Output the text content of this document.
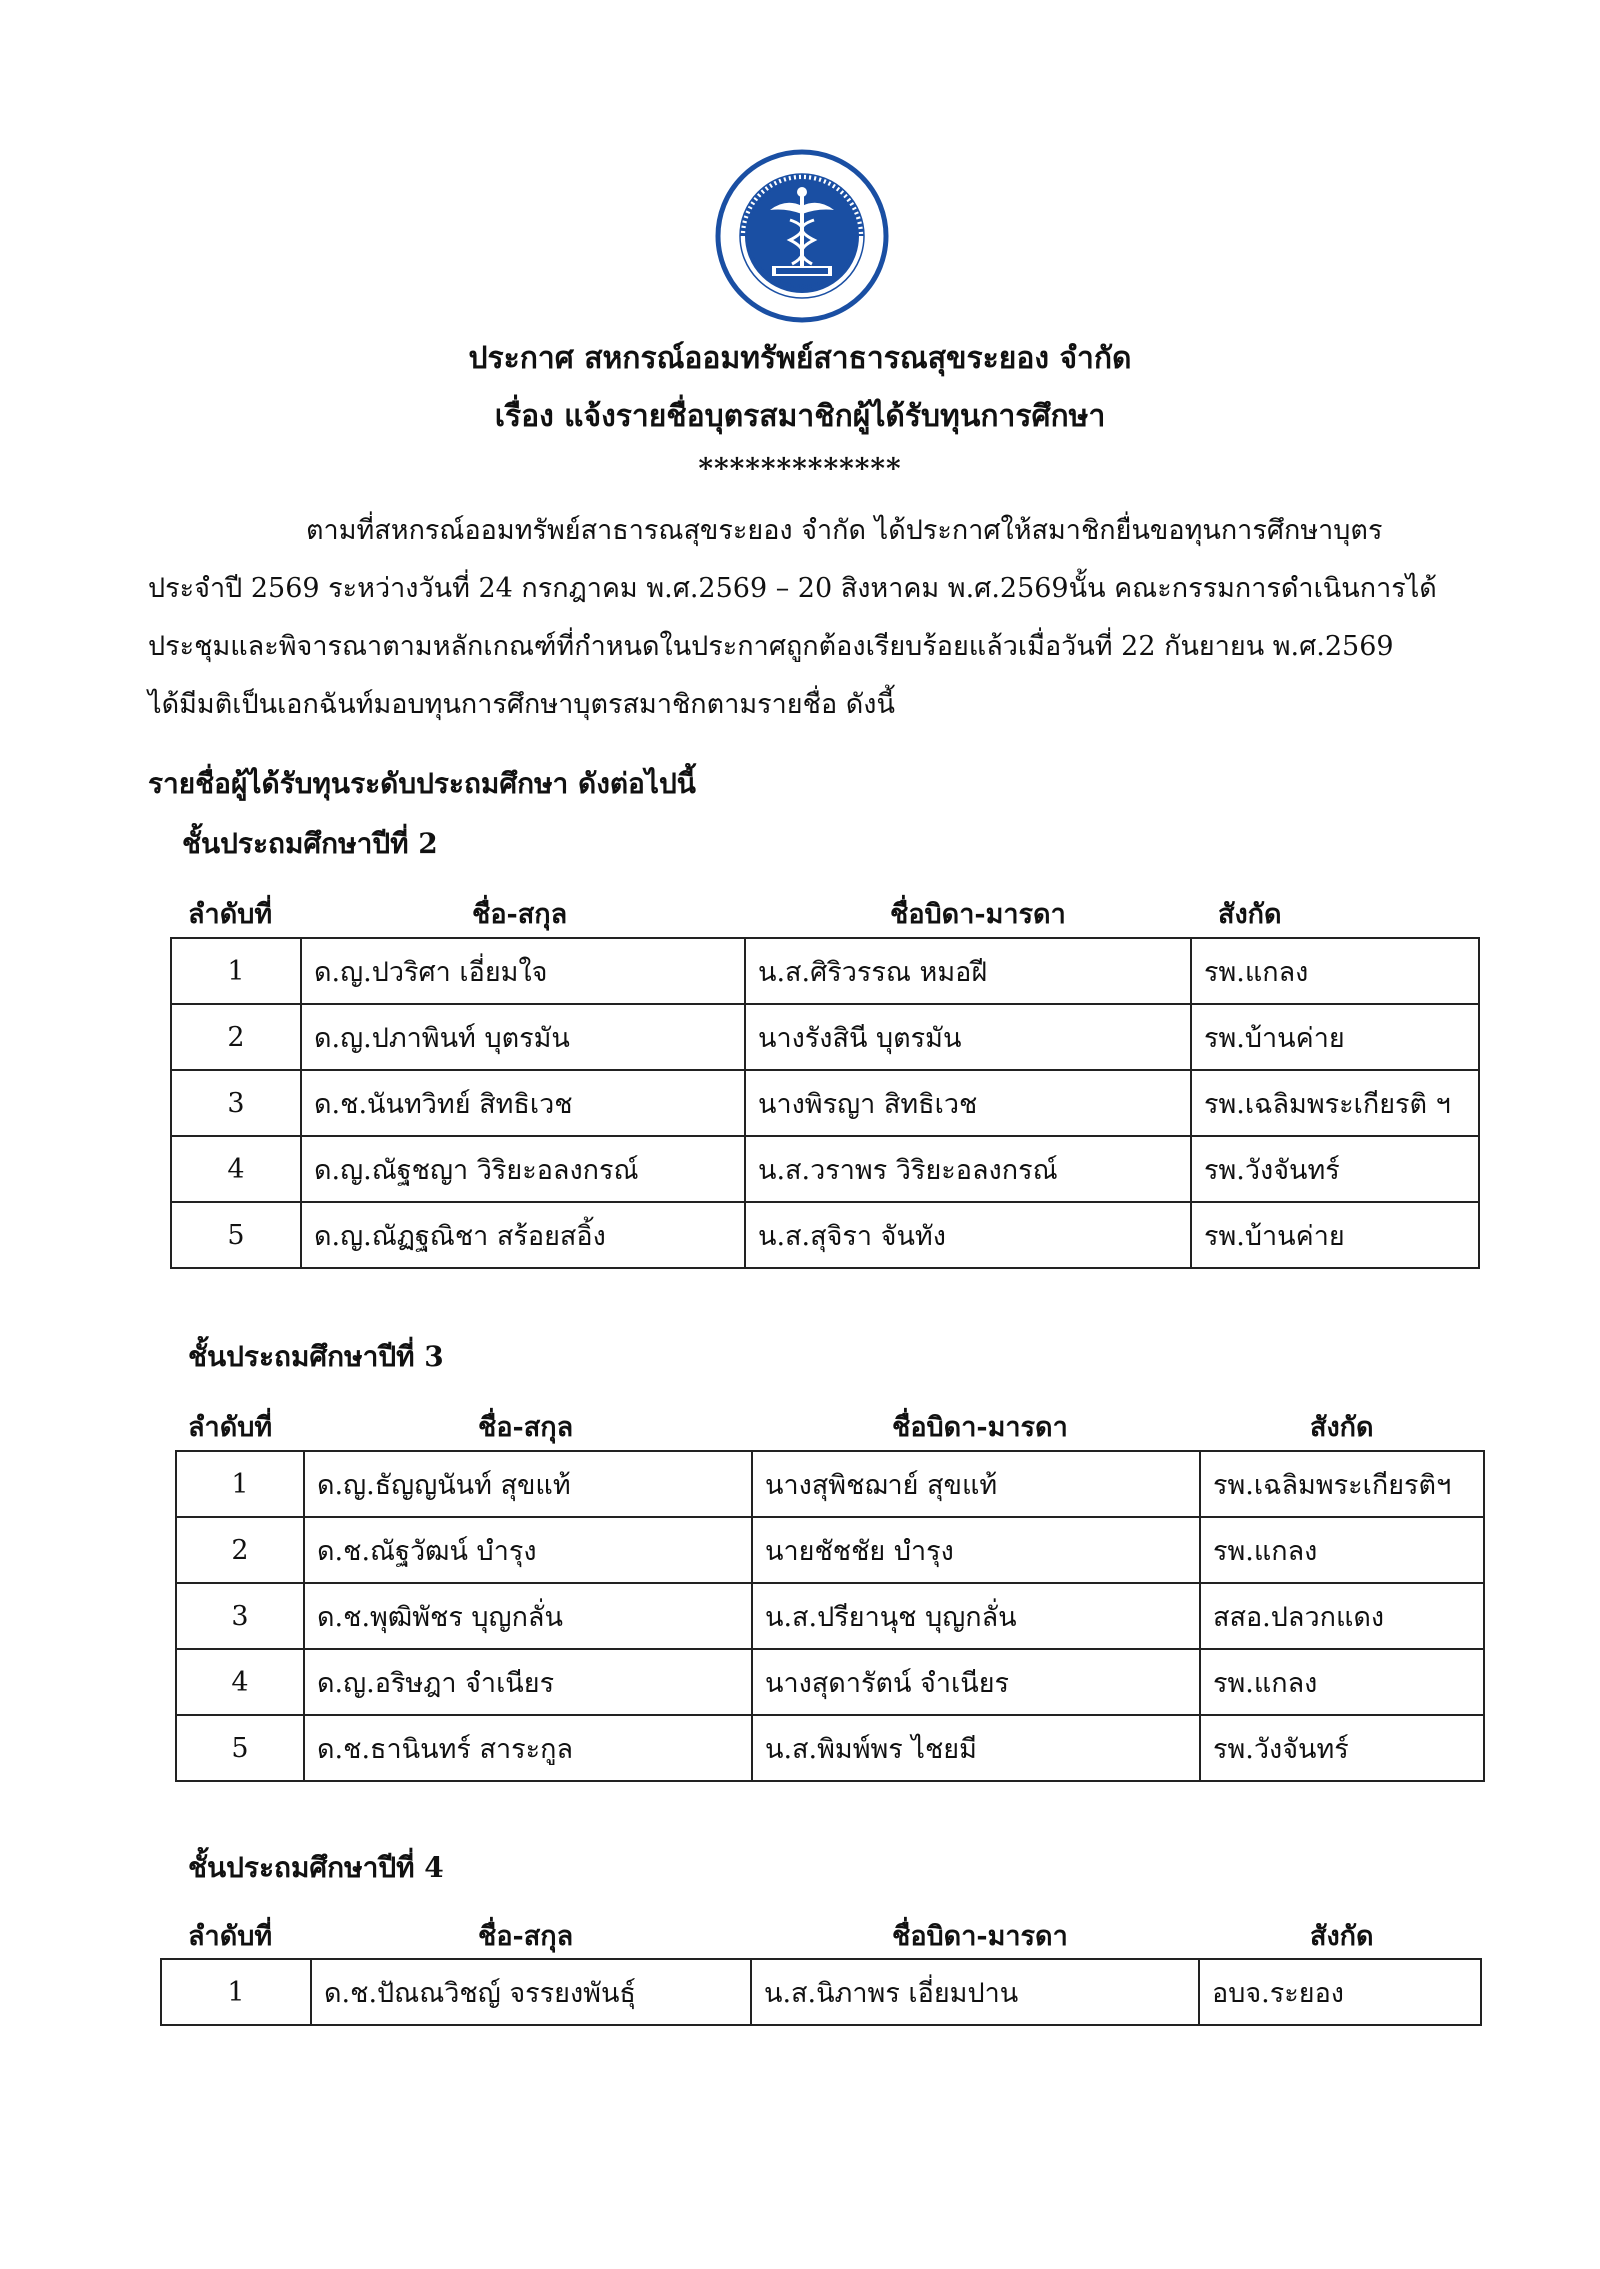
ประกาศ สหกรณ์ออมทรัพย์สาธารณสุขระยอง จำกัด
เรื่อง แจ้งรายชื่อบุตรสมาชิกผู้ได้รับทุนการศึกษา
*************
ตามที่สหกรณ์ออมทรัพย์สาธารณสุขระยอง จำกัด ได้ประกาศให้สมาชิกยื่นขอทุนการศึกษาบุตร
ประจำปี 2569 ระหว่างวันที่ 24 กรกฎาคม พ.ศ.2569 – 20 สิงหาคม พ.ศ.2569นั้น คณะกรรมการดำเนินการได้
ประชุมและพิจารณาตามหลักเกณฑ์ที่กำหนดในประกาศถูกต้องเรียบร้อยแล้วเมื่อวันที่ 22 กันยายน พ.ศ.2569
ได้มีมติเป็นเอกฉันท์มอบทุนการศึกษาบุตรสมาชิกตามรายชื่อ ดังนี้
รายชื่อผู้ได้รับทุนระดับประถมศึกษา ดังต่อไปนี้
ชั้นประถมศึกษาปีที่ 2
ลำดับที่	ชื่อ-สกุล	ชื่อบิดา-มารดา	สังกัด
1	ด.ญ.ปวริศา เอี่ยมใจ	น.ส.ศิริวรรณ หมอฝี	รพ.แกลง
2	ด.ญ.ปภาพินท์ บุตรมัน	นางรังสินี บุตรมัน	รพ.บ้านค่าย
3	ด.ช.นันทวิทย์ สิทธิเวช	นางพิรญา สิทธิเวช	รพ.เฉลิมพระเกียรติ ฯ
4	ด.ญ.ณัฐชญา วิริยะอลงกรณ์	น.ส.วราพร วิริยะอลงกรณ์	รพ.วังจันทร์
5	ด.ญ.ณัฏฐณิชา สร้อยสอิ้ง	น.ส.สุจิรา จันทัง	รพ.บ้านค่าย
ชั้นประถมศึกษาปีที่ 3
ลำดับที่	ชื่อ-สกุล	ชื่อบิดา-มารดา	สังกัด
1	ด.ญ.ธัญญนันท์ สุขแท้	นางสุพิชฌาย์ สุขแท้	รพ.เฉลิมพระเกียรติฯ
2	ด.ช.ณัฐวัฒน์ บำรุง	นายชัชชัย บำรุง	รพ.แกลง
3	ด.ช.พุฒิพัชร บุญกลั่น	น.ส.ปรียานุช บุญกลั่น	สสอ.ปลวกแดง
4	ด.ญ.อริษฎา จำเนียร	นางสุดารัตน์ จำเนียร	รพ.แกลง
5	ด.ช.ธานินทร์ สาระกูล	น.ส.พิมพ์พร ไชยมี	รพ.วังจันทร์
ชั้นประถมศึกษาปีที่ 4
ลำดับที่	ชื่อ-สกุล	ชื่อบิดา-มารดา	สังกัด
1	ด.ช.ปัณณวิชญ์ จรรยงพันธุ์	น.ส.นิภาพร เอี่ยมปาน	อบจ.ระยอง
